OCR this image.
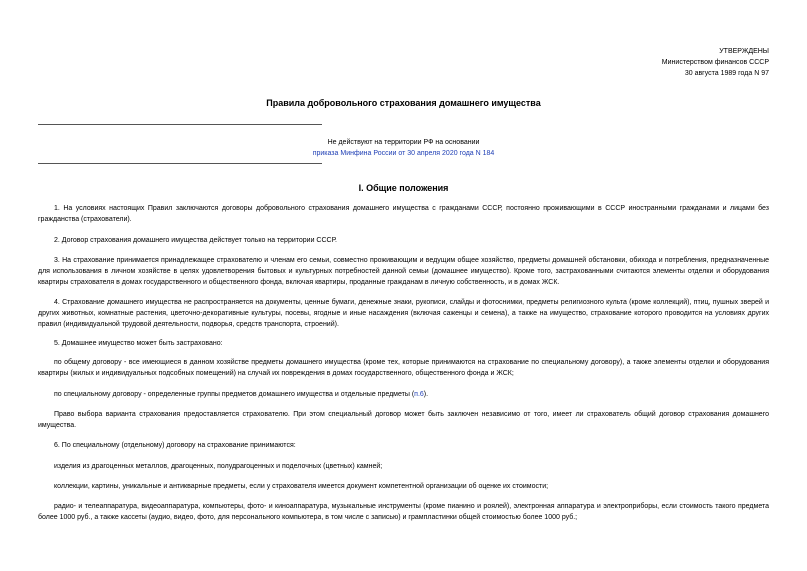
УТВЕРЖДЕНЫ
Министерством финансов СССР
30 августа 1989 года N 97
Правила добровольного страхования домашнего имущества
Не действуют на территории РФ на основании
приказа Минфина России от 30 апреля 2020 года N 184
I. Общие положения

1. На условиях настоящих Правил заключаются договоры добровольного страхования домашнего имущества с гражданами СССР, постоянно проживающими в СССР иностранными гражданами и лицами без гражданства (страхователи).

2. Договор страхования домашнего имущества действует только на территории СССР.

3. На страхование принимается принадлежащее страхователю и членам его семьи, совместно проживающим и ведущим общее хозяйство, предметы домашней обстановки, обихода и потребления, предназначенные для использования в личном хозяйстве в целях удовлетворения бытовых и культурных потребностей данной семьи (домашнее имущество). Кроме того, застрахованными считаются элементы отделки и оборудования квартиры страхователя в домах государственного и общественного фонда, включая квартиры, проданные гражданам в личную собственность, и в домах ЖСК.

4. Страхование домашнего имущества не распространяется на документы, ценные бумаги, денежные знаки, рукописи, слайды и фотоснимки, предметы религиозного культа (кроме коллекций), птиц, пушных зверей и других животных, комнатные растения, цветочно-декоративные культуры, посевы, ягодные и иные насаждения (включая саженцы и семена), а также на имущество, страхование которого проводится на условиях других правил (индивидуальной трудовой деятельности, подворья, средств транспорта, строений).

5. Домашнее имущество может быть застраховано:

по общему договору - все имеющиеся в данном хозяйстве предметы домашнего имущества (кроме тех, которые принимаются на страхование по специальному договору), а также элементы отделки и оборудования квартиры (жилых и индивидуальных подсобных помещений) на случай их повреждения в домах государственного, общественного фонда и ЖСК;

по специальному договору - определенные группы предметов домашнего имущества и отдельные предметы (п.6).

Право выбора варианта страхования предоставляется страхователю. При этом специальный договор может быть заключен независимо от того, имеет ли страхователь общий договор страхования домашнего имущества.

6. По специальному (отдельному) договору на страхование принимаются:

изделия из драгоценных металлов, драгоценных, полудрагоценных и поделочных (цветных) камней;

коллекции, картины, уникальные и антикварные предметы, если у страхователя имеется документ компетентной организации об оценке их стоимости;

радио- и телеаппаратура, видеоаппаратура, компьютеры, фото- и киноаппаратура, музыкальные инструменты (кроме пианино и роялей), электронная аппаратура и электроприборы, если стоимость такого предмета более 1000 руб., а также кассеты (аудио, видео, фото, для персонального компьютера, в том числе с записью) и грампластинки общей стоимостью более 1000 руб.;
